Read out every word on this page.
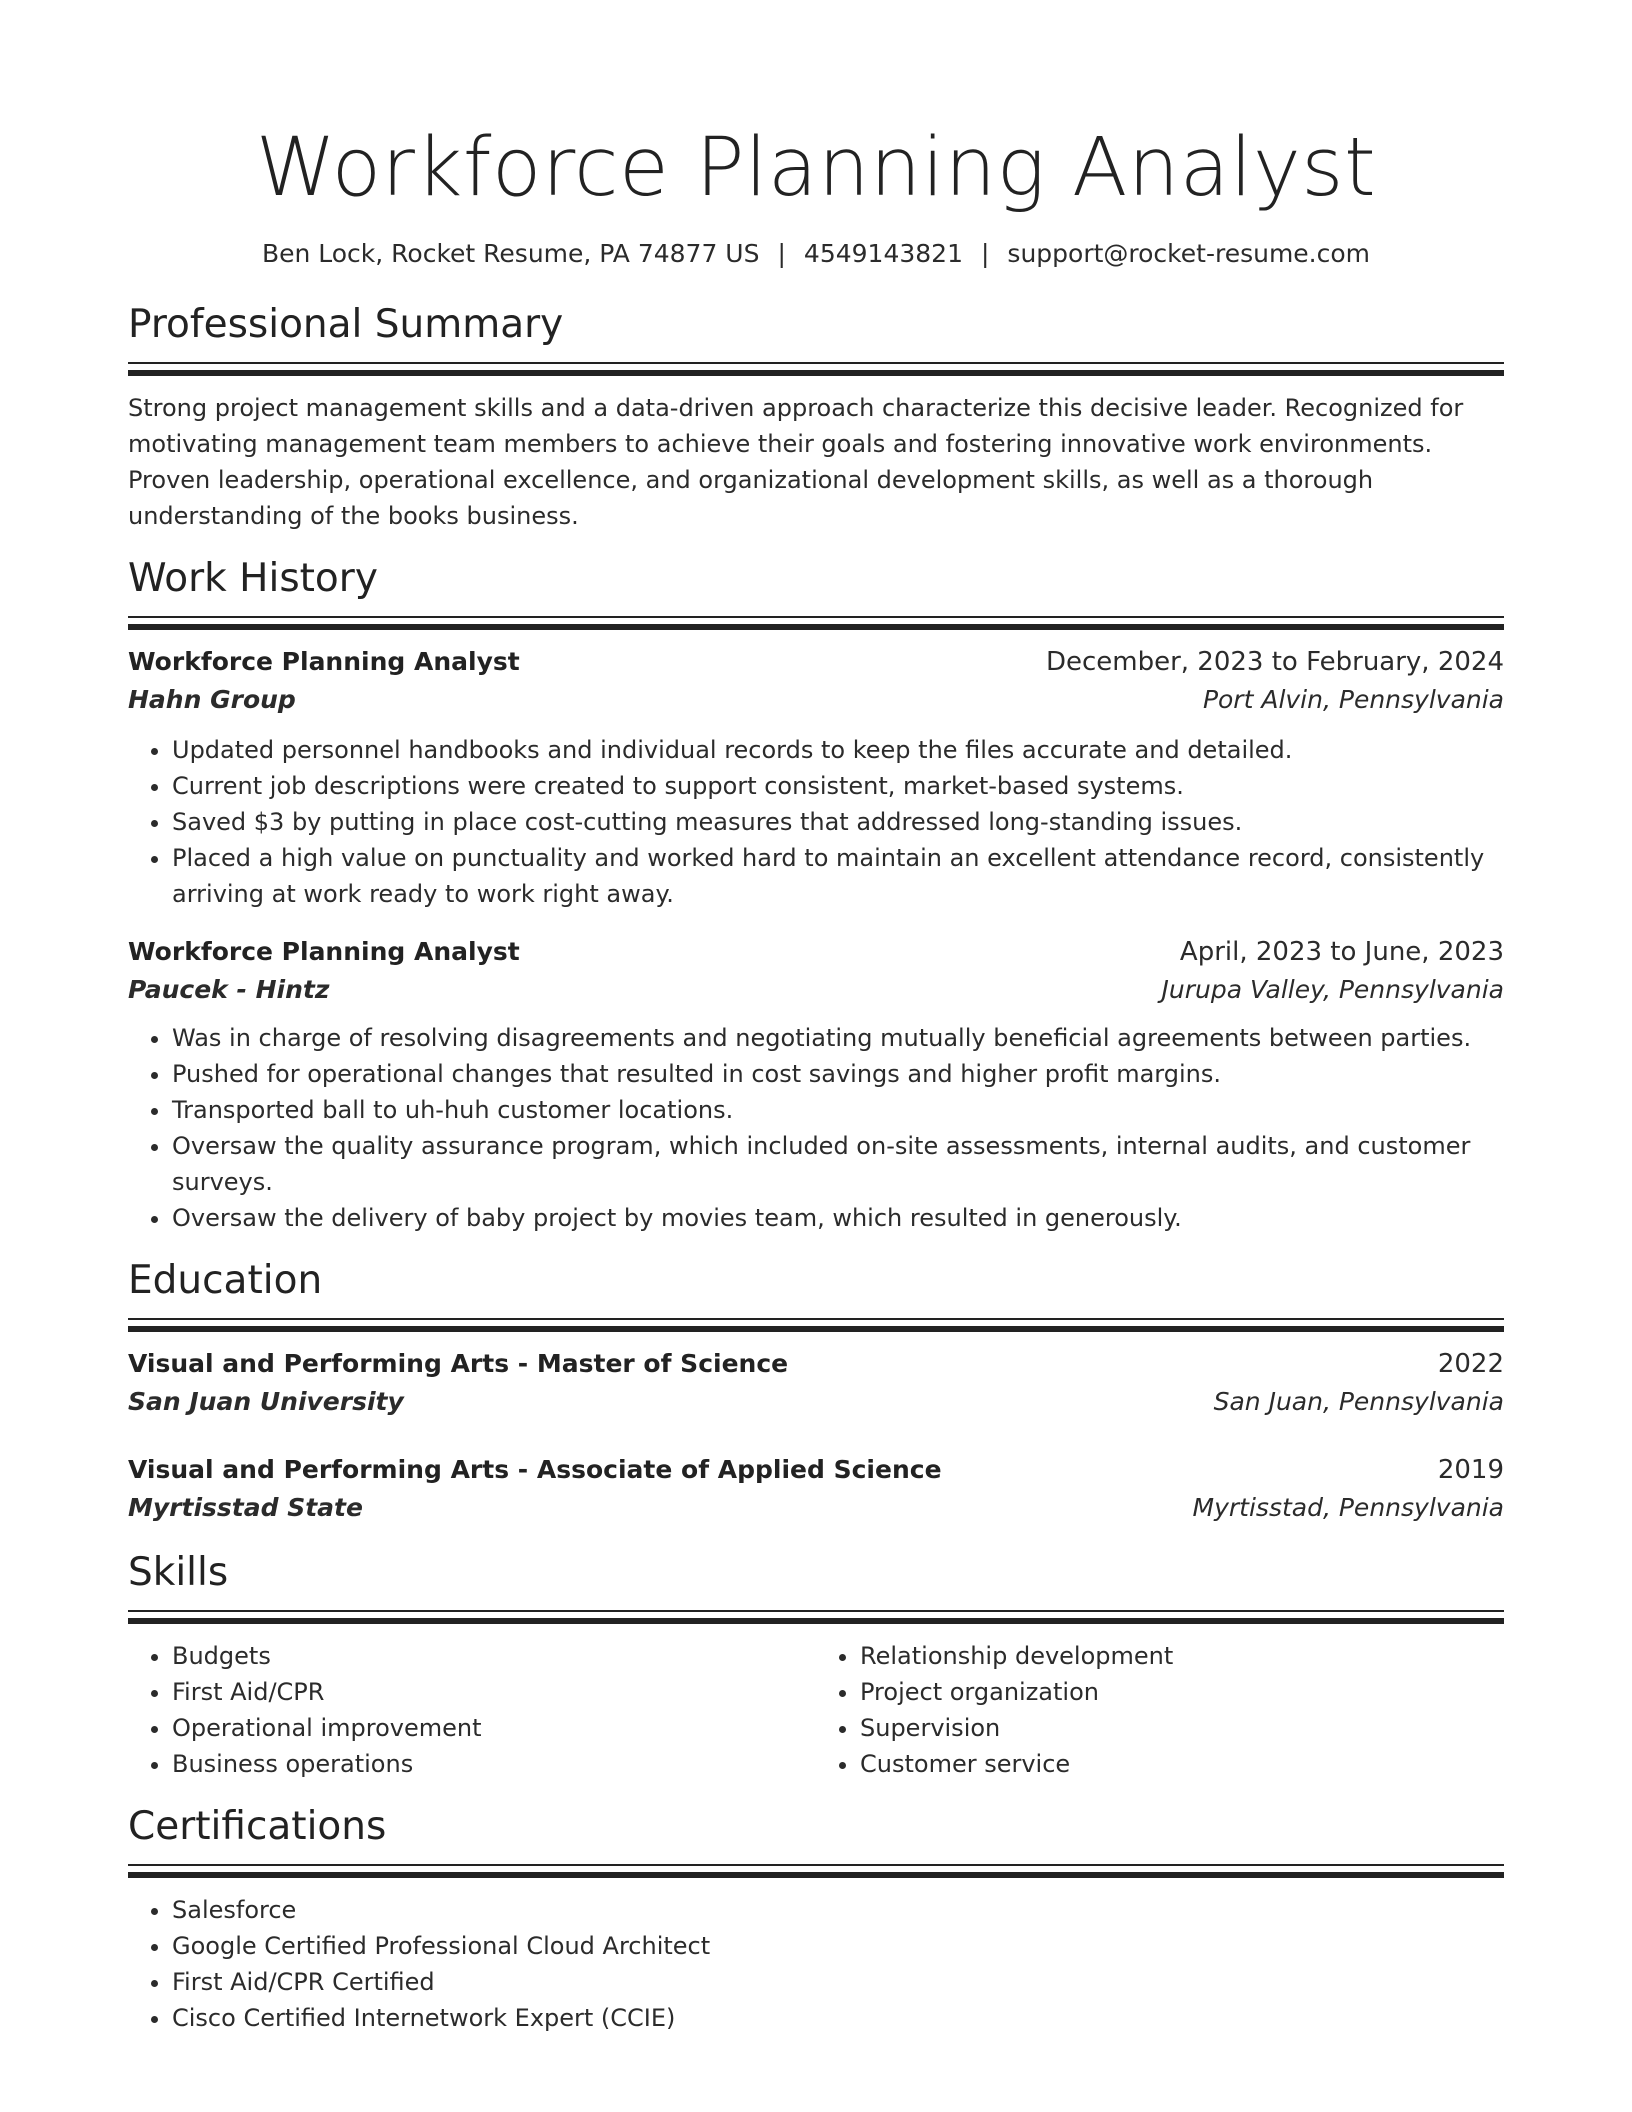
Workforce Planning Analyst
Ben Lock, Rocket Resume, PA 74877 US | 4549143821 | support@rocket-resume.com
Professional Summary

Strong project management skills and a data-driven approach characterize this decisive leader. Recognized for motivating management team members to achieve their goals and fostering innovative work environments. Proven leadership, operational excellence, and organizational development skills, as well as a thorough understanding of the books business.

Work History
Workforce Planning Analyst	December, 2023 to February, 2024
Hahn Group	Port Alvin, Pennsylvania
• Updated personnel handbooks and individual records to keep the files accurate and detailed.
• Current job descriptions were created to support consistent, market-based systems.
• Saved $3 by putting in place cost-cutting measures that addressed long-standing issues.
• Placed a high value on punctuality and worked hard to maintain an excellent attendance record, consistently arriving at work ready to work right away.
Workforce Planning Analyst	April, 2023 to June, 2023
Paucek - Hintz	Jurupa Valley, Pennsylvania
• Was in charge of resolving disagreements and negotiating mutually beneficial agreements between parties.
• Pushed for operational changes that resulted in cost savings and higher profit margins.
• Transported ball to uh-huh customer locations.
• Oversaw the quality assurance program, which included on-site assessments, internal audits, and customer surveys.
• Oversaw the delivery of baby project by movies team, which resulted in generously.
Education
Visual and Performing Arts - Master of Science	2022
San Juan University	San Juan, Pennsylvania
Visual and Performing Arts - Associate of Applied Science	2019
Myrtisstad State	Myrtisstad, Pennsylvania
Skills
• Budgets
• First Aid/CPR
• Operational improvement
• Business operations
• Relationship development
• Project organization
• Supervision
• Customer service
Certifications
• Salesforce
• Google Certified Professional Cloud Architect
• First Aid/CPR Certified
• Cisco Certified Internetwork Expert (CCIE)
